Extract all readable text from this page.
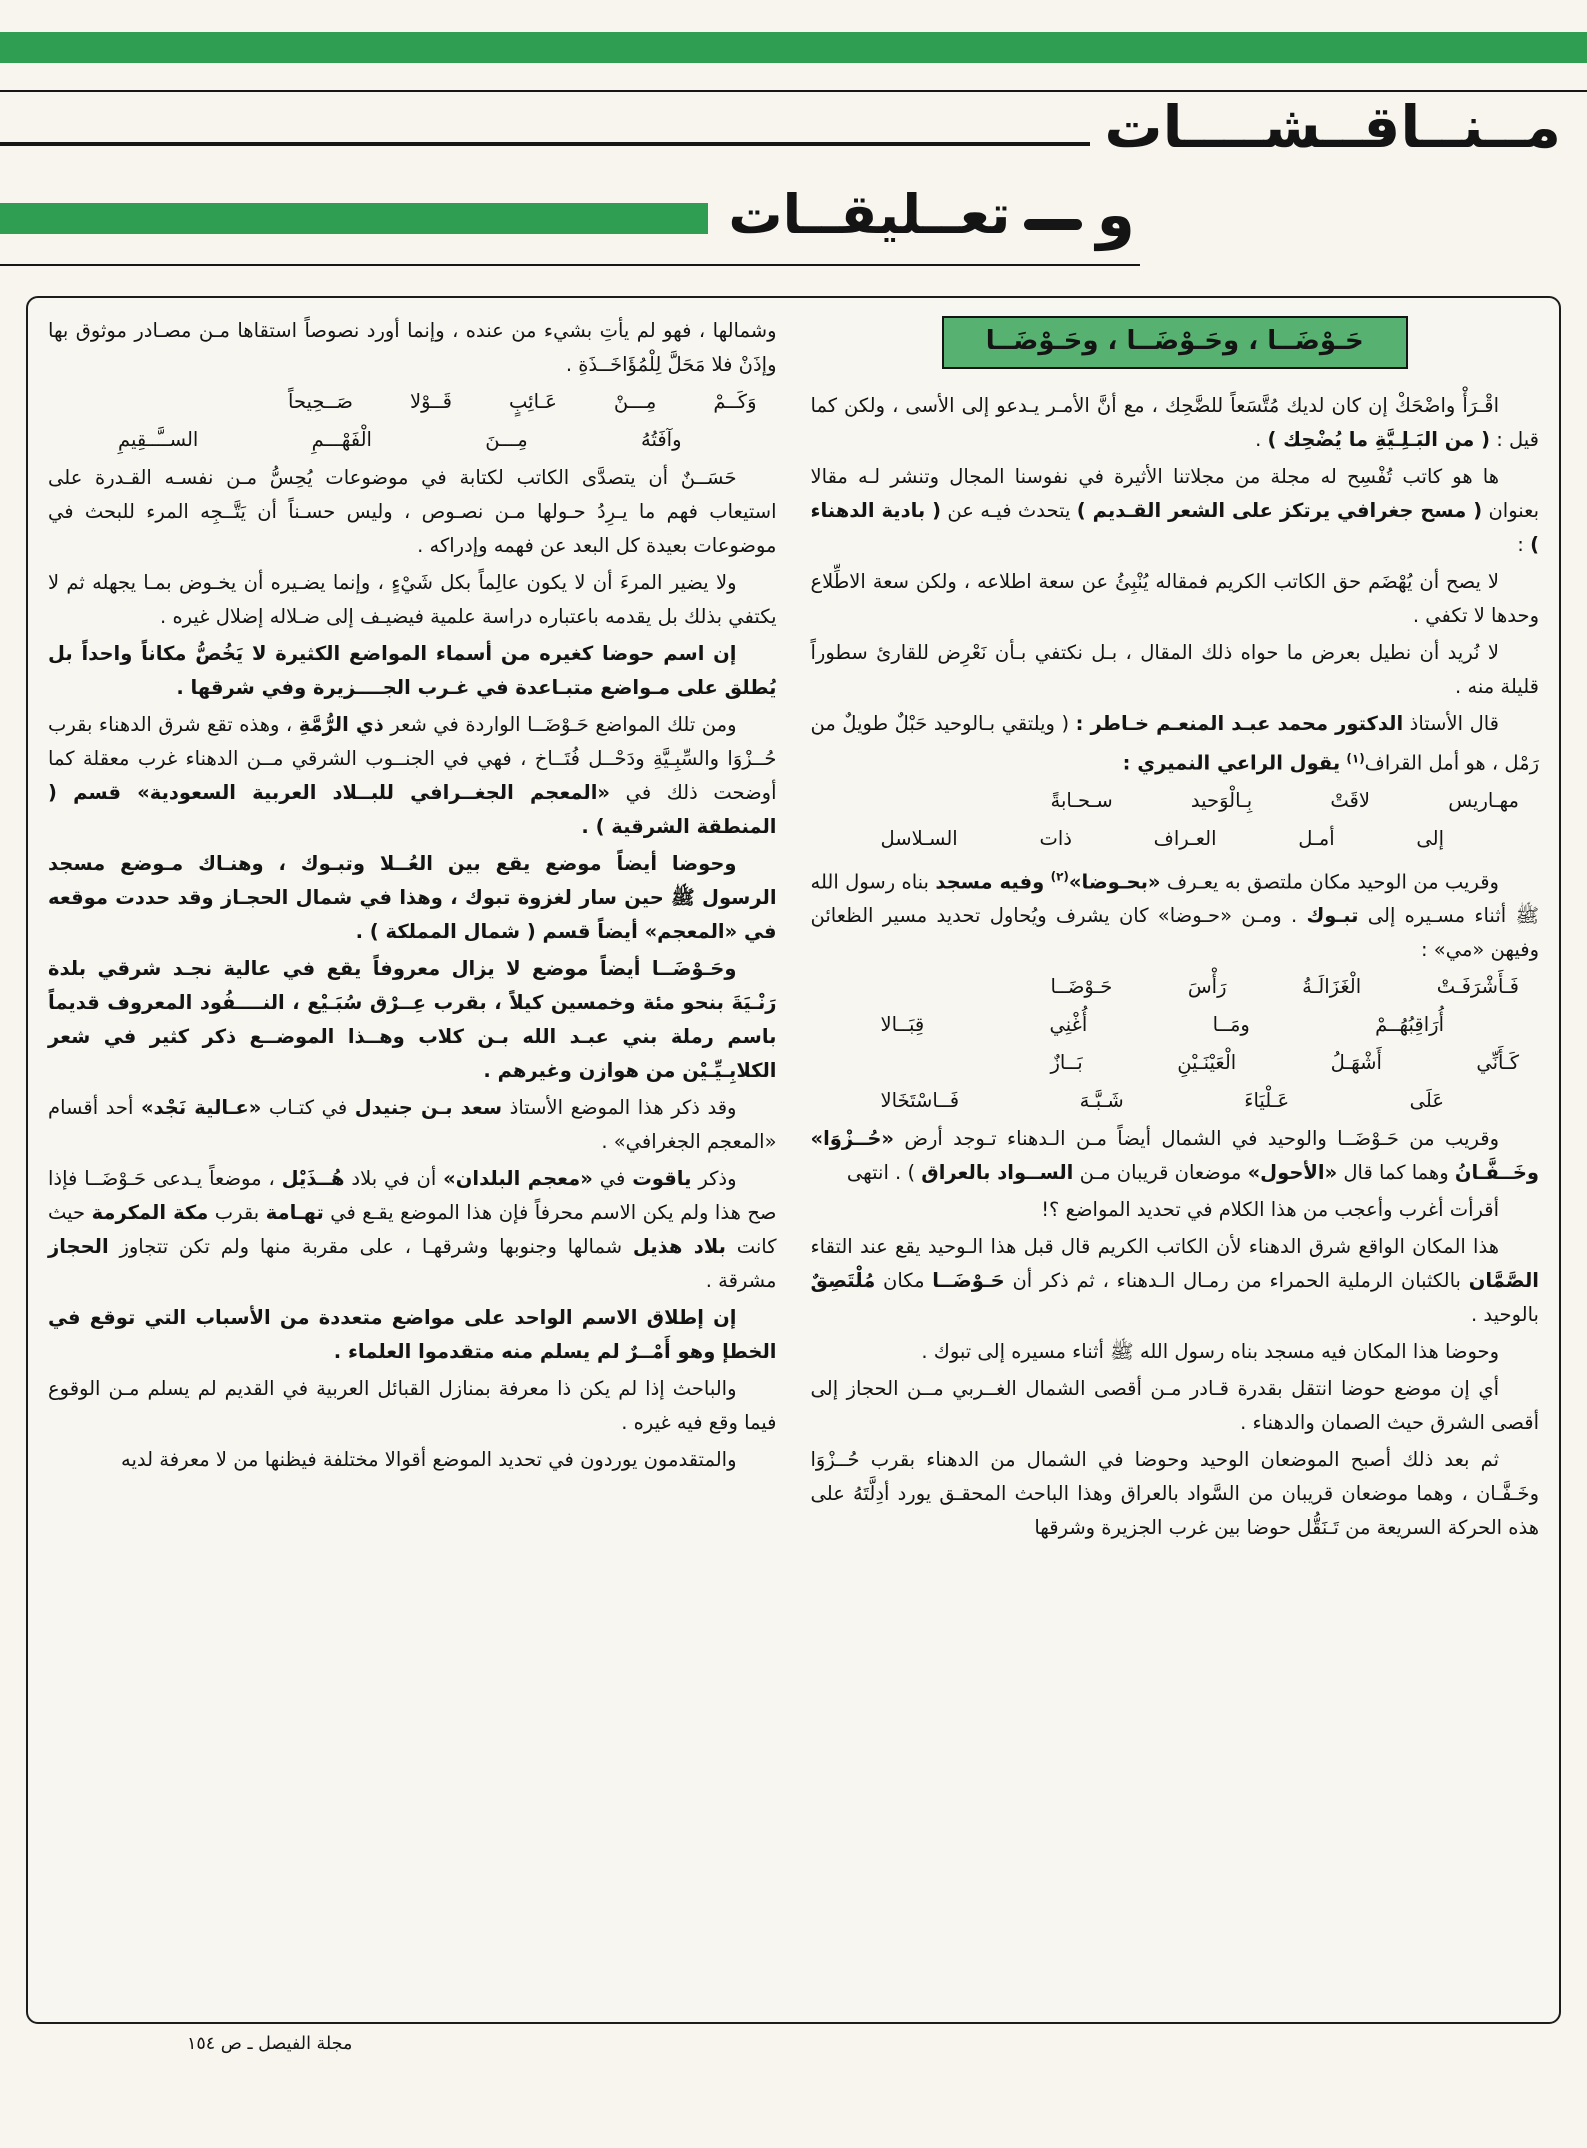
مــنــاقــشــــات
و
تعــليقــات
حَـوْضَــا ، وحَـوْضَــا ، وحَـوْضَــا

اقْـرَأْ واضْحَكْ إن كان لديك مُتَّسَعاً للضَّحِك ، مع أنَّ الأمـر يـدعو إلى الأسى ، ولكن كما قيل : ( من البَـلِـيَّةِ ما يُضْحِك ) .

ها هو كاتب تُفْسِح له مجلة من مجلاتنا الأثيرة في نفوسنا المجال وتنشر لـه مقالا بعنوان ( مسح جغرافي يرتكز على الشعر القـديم ) يتحدث فيـه عن ( بادية الدهناء ) :

لا يصح أن يُهْضَم حق الكاتب الكريم فمقاله يُنْبِئُ عن سعة اطلاعه ، ولكن سعة الاطِّلاع وحدها لا تكفي .

لا نُريد أن نطيل بعرض ما حواه ذلك المقال ، بـل نكتفي بـأن نَعْرِض للقارئ سطوراً قليلة منه .

قال الأستاذ الدكتور محمد عبـد المنعـم خـاطر : ( ويلتقي بـالوحيد حَبْلٌ طويلٌ من رَمْل ، هو أمل القراف$^{(١)}$ يقول الراعي النميري :

مهـاريس لاقَتْ بِـالْوَحيد سـحـابةً

إلى أمـل العـراف ذات السـلاسل

وقريب من الوحيد مكان ملتصق به يعـرف «بحـوضا»$^{(٢)}$ وفيه مسجد بناه رسول الله ﷺ أثناء مسـيره إلى تبـوك . ومـن «حـوضا» كان يشرف ويُحاول تحديد مسير الظعائن وفيهن «مي» :

فَـأَشْرَفَـتْ الْغَزَالَـةُ رَأْسَ حَـوْضَــا

أُرَاقِبُهُــمْ ومَــا أُغْنِي قِبَــالا

كَـأَنِّي أَشْهَـلُ الْعَيْنَـيْنِ بَــازٌ

عَلَى عَـلْيَاءَ شَـبَّـهَ فَــاسْتَخَالا

وقريب من حَـوْضَــا والوحيد في الشمال أيضاً مـن الـدهناء تـوجد أرض «حُــزْوَا» وخَــفَّـانُ وهما كما قال «الأحول» موضعان قريبان مـن الســواد بالعراق ) . انتهى

أقرأت أغرب وأعجب من هذا الكلام في تحديد المواضع ؟!

هذا المكان الواقع شرق الدهناء لأن الكاتب الكريم قال قبل هذا الـوحيد يقع عند التقاء الصَّمَّان بالكثبان الرملية الحمراء من رمـال الـدهناء ، ثم ذكر أن حَـوْضَــا مكان مُلْتَصِقٌ بالوحيد .

وحوضا هذا المكان فيه مسجد بناه رسول الله ﷺ أثناء مسيره إلى تبوك .

أي إن موضع حوضا انتقل بقدرة قـادر مـن أقصى الشمال الغــربي مــن الحجاز إلى أقصى الشرق حيث الصمان والدهناء .

ثم بعد ذلك أصبح الموضعان الوحيد وحوضا في الشمال من الدهناء بقرب حُــزْوَا وخَـفَّـان ، وهما موضعان قريبان من السَّواد بالعراق وهذا الباحث المحقـق يورد أدِلَّتَهُ على هذه الحركة السريعة من تَـنَقُّل حوضا بين غرب الجزيرة وشرقها

وشمالها ، فهو لم يأتِ بشيء من عنده ، وإنما أورد نصوصاً استقاها مـن مصـادر موثوق بها وإذَنْ فلا مَحَلَّ لِلْمُؤَاخَــذَةِ .

وَكَــمْ مِـــنْ عَـائِبٍ قَــوْلا صَــحِيحاً

وآفَتُهُ مِـــنَ الْفَهْـــمِ الســَّــقِيمِ

حَسَــنٌ أن يتصدَّى الكاتب لكتابة في موضوعات يُحِسُّ مـن نفسـه القـدرة على استيعاب فهم ما يـرِدُ حـولها مـن نصـوص ، وليس حسـناً أن يَتَّــجِه المرء للبحث في موضوعات بعيدة كل البعد عن فهمه وإدراكه .

ولا يضير المرءَ أن لا يكون عالِماً بكل شَيْءٍ ، وإنما يضـيره أن يخـوض بمـا يجهله ثم لا يكتفي بذلك بل يقدمه باعتباره دراسة علمية فيضيـف إلى ضـلاله إضلال غيره .

إن اسم حوضا كغيره من أسماء المواضع الكثيرة لا يَخُصُّ مكاناً واحداً بل يُطلق على مـواضع متبـاعدة في غـرب الجــــزيرة وفي شرقها .

ومن تلك المواضع حَـوْضَــا الواردة في شعر ذي الرُّمَّةِ ، وهذه تقع شرق الدهناء بقرب حُــزْوَا والسِّبِـيَّةِ ودَحْــل فُتَــاخ ، فهي في الجنــوب الشرقي مــن الدهناء غرب معقلة كما أوضحت ذلك في «المعجم الجغــرافي للبــلاد العربية السعودية» قسم ( المنطقة الشرقية ) .

وحوضا أيضاً موضع يقع بين العُــلا وتبـوك ، وهنـاك مـوضع مسجد الرسول ﷺ حين سار لغزوة تبوك ، وهذا في شمال الحجـاز وقد حددت موقعه في «المعجم» أيضاً قسم ( شمال المملكة ) .

وحَـوْضَــا أيضاً موضع لا يزال معروفاً يقع في عالية نجـد شرقي بلدة رَنْـيَةَ بنحو مئة وخمسين كيلاً ، بقرب عِــرْق سُبَـيْع ، النــــفُود المعروف قديماً باسم رملة بني عبـد الله بـن كلاب وهــذا الموضــع ذكر كثير في شعر الكلابِـيِّـيْن من هوازن وغيرهم .

وقد ذكر هذا الموضع الأستاذ سعد بـن جنيدل في كتـاب «عـالية نَجْد» أحد أقسام «المعجم الجغرافي» .

وذكر ياقوت في «معجم البلدان» أن في بلاد هُــذَيْل ، موضعاً يـدعى حَـوْضَــا فإذا صح هذا ولم يكن الاسم محرفاً فإن هذا الموضع يقـع في تهـامة بقرب مكة المكرمة حيث كانت بلاد هذيل شمالها وجنوبها وشرقهـا ، على مقربة منها ولم تكن تتجاوز الحجاز مشرقة .

إن إطلاق الاسم الواحد على مواضع متعددة من الأسباب التي توقع في الخطإ وهو أَمْــرٌ لم يسلم منه متقدموا العلماء .

والباحث إذا لم يكن ذا معرفة بمنازل القبائل العربية في القديم لم يسلم مـن الوقوع فيما وقع فيه غيره .

والمتقدمون يوردون في تحديد الموضع أقوالا مختلفة فيظنها من لا معرفة لديه

مجلة الفيصل ـ ص ١٥٤
